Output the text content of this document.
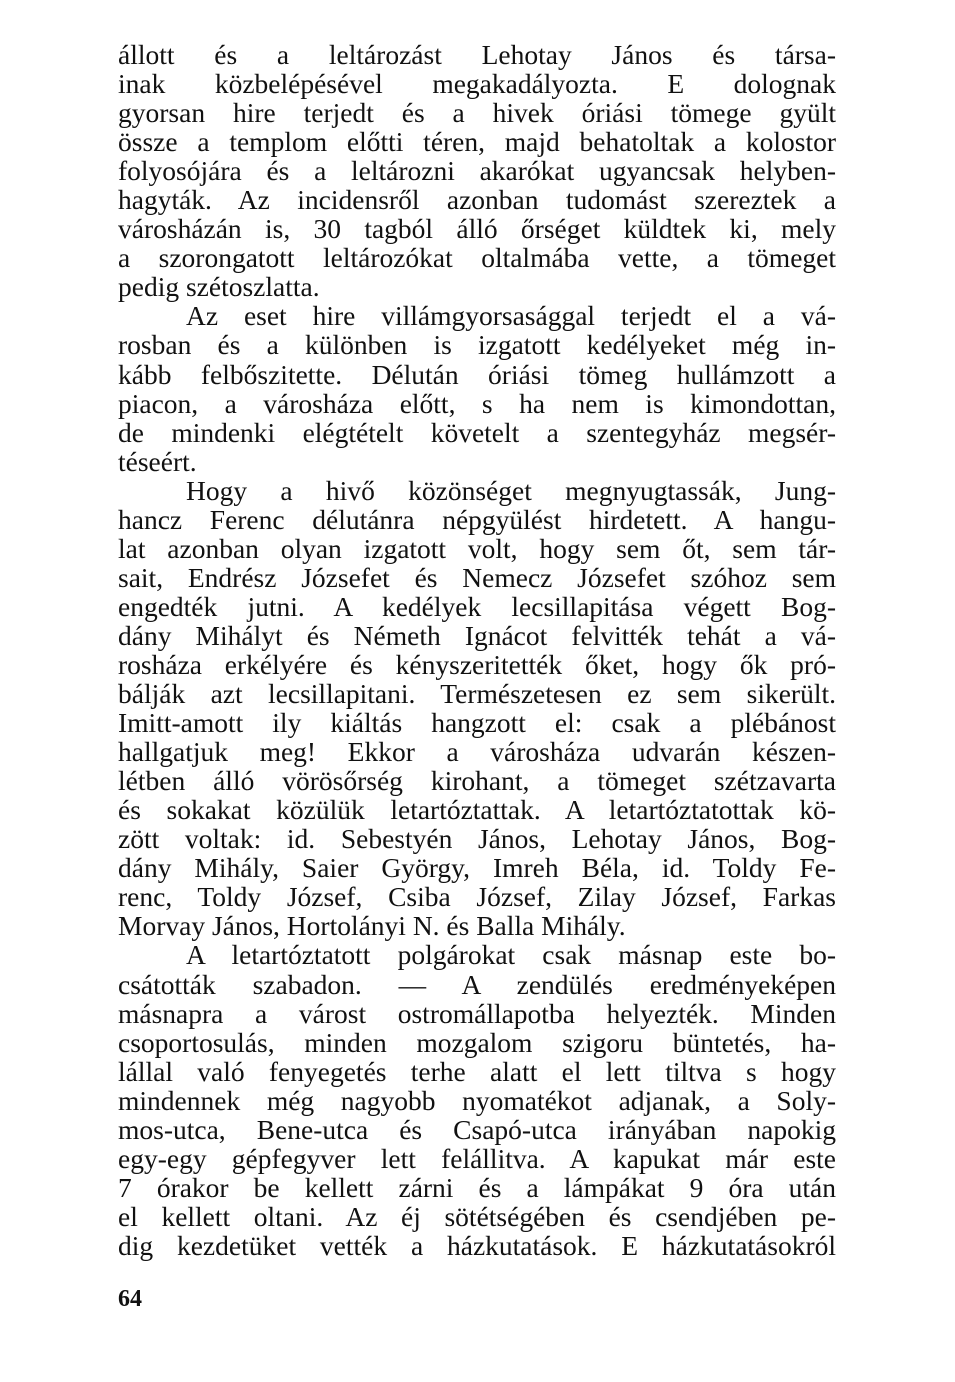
állott és a leltározást Lehotay János és társa-

inak közbelépésével megakadályozta. E dolognak

gyorsan hire terjedt és a hivek óriási tömege gyült

össze a templom előtti téren, majd behatoltak a kolostor

folyosójára és a leltározni akarókat ugyancsak helyben-

hagyták. Az incidensről azonban tudomást szereztek a

városházán is, 30 tagból álló őrséget küldtek ki, mely

a szorongatott leltározókat oltalmába vette, a tömeget

pedig szétoszlatta.

Az eset hire villámgyorsasággal terjedt el a vá-

rosban és a különben is izgatott kedélyeket még in-

kább felbőszitette. Délután óriási tömeg hullámzott a

piacon, a városháza előtt, s ha nem is kimondottan,

de mindenki elégtételt követelt a szentegyház megsér-

téseért.

Hogy a hivő közönséget megnyugtassák, Jung-

hancz Ferenc délutánra népgyülést hirdetett. A hangu-

lat azonban olyan izgatott volt, hogy sem őt, sem tár-

sait, Endrész Józsefet és Nemecz Józsefet szóhoz sem

engedték jutni. A kedélyek lecsillapitása végett Bog-

dány Mihályt és Németh Ignácot felvitték tehát a vá-

rosháza erkélyére és kényszeritették őket, hogy ők pró-

bálják azt lecsillapitani. Természetesen ez sem sikerült.

Imitt-amott ily kiáltás hangzott el: csak a plébánost

hallgatjuk meg! Ekkor a városháza udvarán készen-

létben álló vörösőrség kirohant, a tömeget szétzavarta

és sokakat közülük letartóztattak. A letartóztatottak kö-

zött voltak: id. Sebestyén János, Lehotay János, Bog-

dány Mihály, Saier György, Imreh Béla, id. Toldy Fe-

renc, Toldy József, Csiba József, Zilay József, Farkas

Morvay János, Hortolányi N. és Balla Mihály.

A letartóztatott polgárokat csak másnap este bo-

csátották szabadon. — A zendülés eredményeképen

másnapra a várost ostromállapotba helyezték. Minden

csoportosulás, minden mozgalom szigoru büntetés, ha-

lállal való fenyegetés terhe alatt el lett tiltva s hogy

mindennek még nagyobb nyomatékot adjanak, a Soly-

mos-utca, Bene-utca és Csapó-utca irányában napokig

egy-egy gépfegyver lett felállitva. A kapukat már este

7 órakor be kellett zárni és a lámpákat 9 óra után

el kellett oltani. Az éj sötétségében és csendjében pe-

dig kezdetüket vették a házkutatások. E házkutatásokról

64
